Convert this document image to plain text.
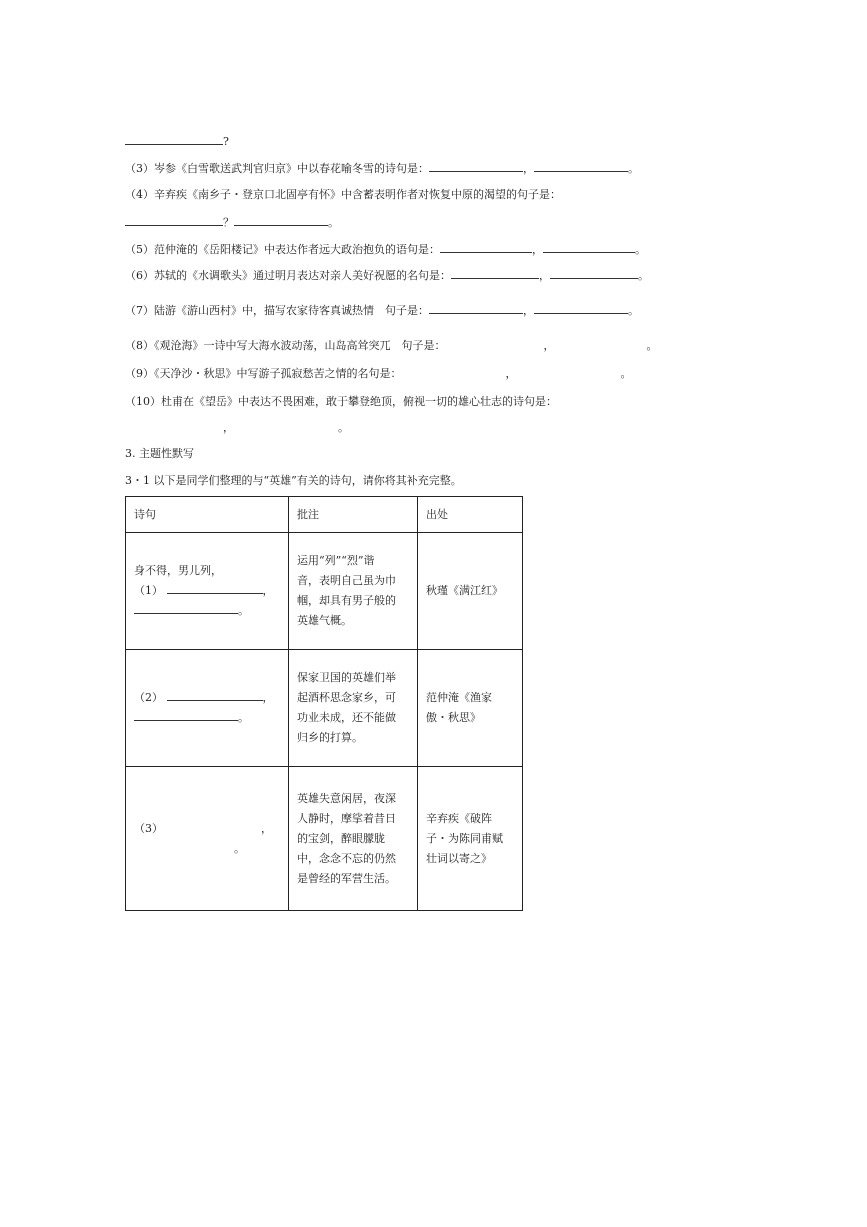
?
（3）岑参《白雪歌送武判官归京》中以春花喻冬雪的诗句是：	，	。
（4）辛弃疾《南乡子・登京口北固亭有怀》中含蓄表明作者对恢复中原的渴望的句子是：
？	。
（5）范仲淹的《岳阳楼记》中表达作者远大政治抱负的语句是：	，	。
（6）苏轼的《水调歌头》通过明月表达对亲人美好祝愿的名句是：	，	。
（7）陆游《游山西村》中，描写农家待客真诚热情　句子是：	，	。
（8）《观沧海》一诗中写大海水波动荡，山岛高耸突兀　句子是：	，	。
（9）《天净沙・秋思》中写游子孤寂愁苦之情的名句是：	，	。
（10）杜甫在《望岳》中表达不畏困难，敢于攀登绝顶，俯视一切的雄心壮志的诗句是：
，	。
3. 主题性默写
3・1 以下是同学们整理的与“英雄”有关的诗句，请你将其补充完整。
诗句	批注	出处

身不得，男儿列，
（1） ，
。	运用“列”“烈”谐
音，表明自己虽为巾
帼，却具有男子般的
英雄气概。	秋瑾《满江红》

（2） ，
。	保家卫国的英雄们举
起酒杯思念家乡，可
功业未成，还不能做
归乡的打算。	范仲淹《渔家
傲・秋思》

（3） ，
。	英雄失意闲居，夜深
人静时，摩挲着昔日
的宝剑，醉眼朦胧
中，念念不忘的仍然
是曾经的军营生活。	辛弃疾《破阵
子・为陈同甫赋
壮词以寄之》
